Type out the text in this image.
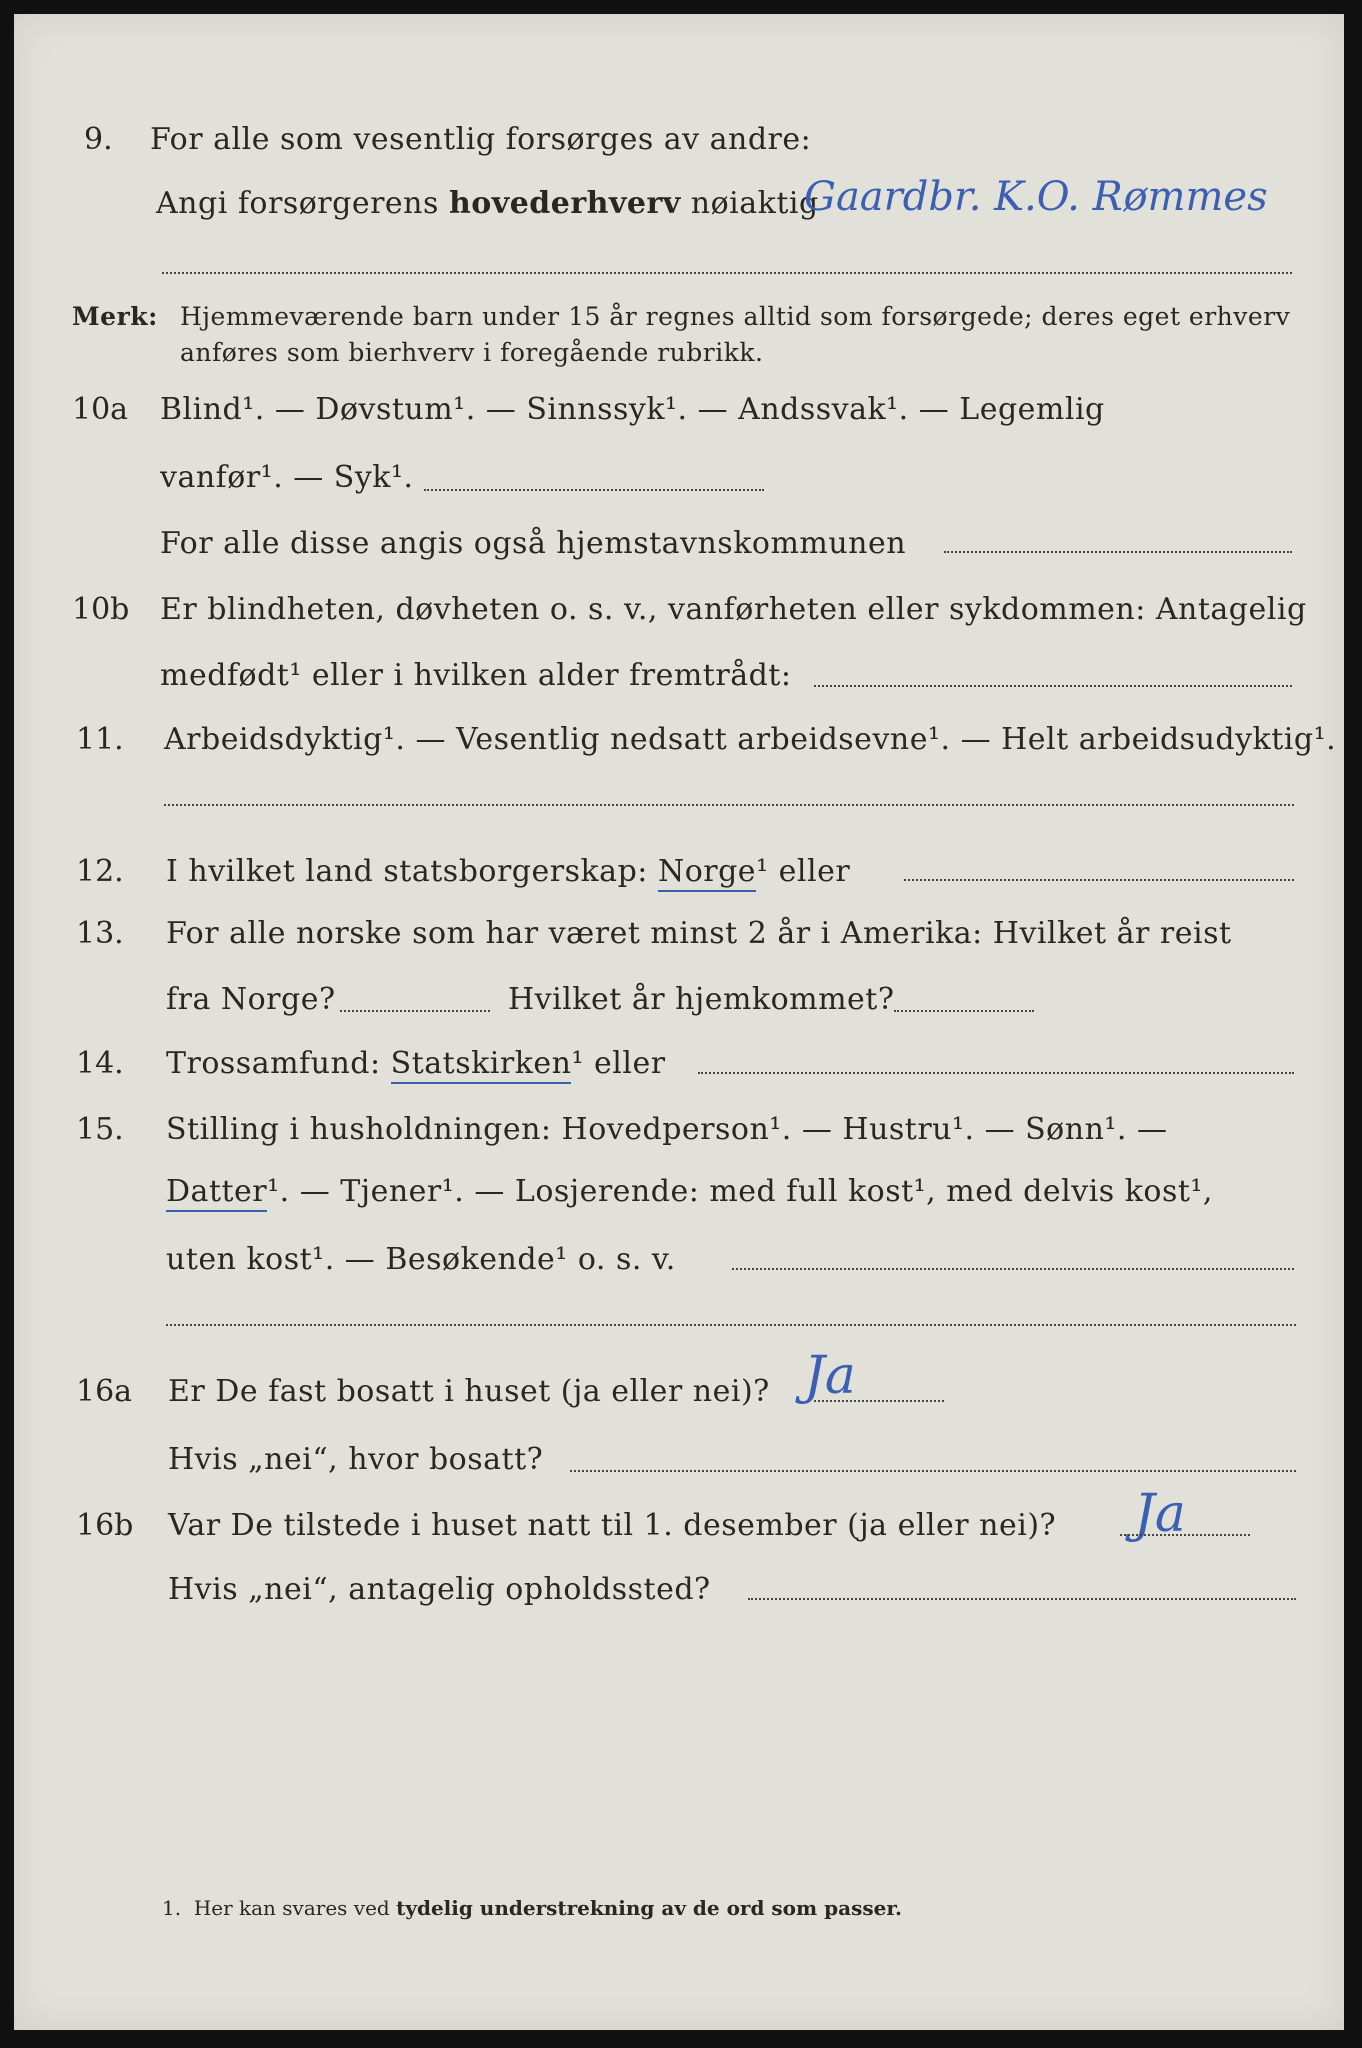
9. For alle som vesentlig forsørges av andre:
Angi forsørgerens hovederhverv nøiaktig
Gaardbr. K.O. Rømmes
Merk: Hjemmeværende barn under 15 år regnes alltid som forsørgede; deres eget erhverv
anføres som bierhverv i foregående rubrikk.
10a Blind¹. — Døvstum¹. — Sinnssyk¹. — Andssvak¹. — Legemlig
vanfør¹. — Syk¹.
For alle disse angis også hjemstavnskommunen
10b Er blindheten, døvheten o. s. v., vanførheten eller sykdommen: Antagelig
medfødt¹ eller i hvilken alder fremtrådt:
11. Arbeidsdyktig¹. — Vesentlig nedsatt arbeidsevne¹. — Helt arbeidsudyktig¹.
12. I hvilket land statsborgerskap: Norge¹ eller
13. For alle norske som har været minst 2 år i Amerika: Hvilket år reist
fra Norge?	Hvilket år hjemkommet?
14. Trossamfund: Statskirken¹ eller
15. Stilling i husholdningen: Hovedperson¹. — Hustru¹. — Sønn¹. —
Datter¹. — Tjener¹. — Losjerende: med full kost¹, med delvis kost¹,
uten kost¹. — Besøkende¹ o. s. v.
16a Er De fast bosatt i huset (ja eller nei)? Ja
Hvis „nei“, hvor bosatt?
16b Var De tilstede i huset natt til 1. desember (ja eller nei)? Ja
Hvis „nei“, antagelig opholdssted?
1. Her kan svares ved tydelig understrekning av de ord som passer.
